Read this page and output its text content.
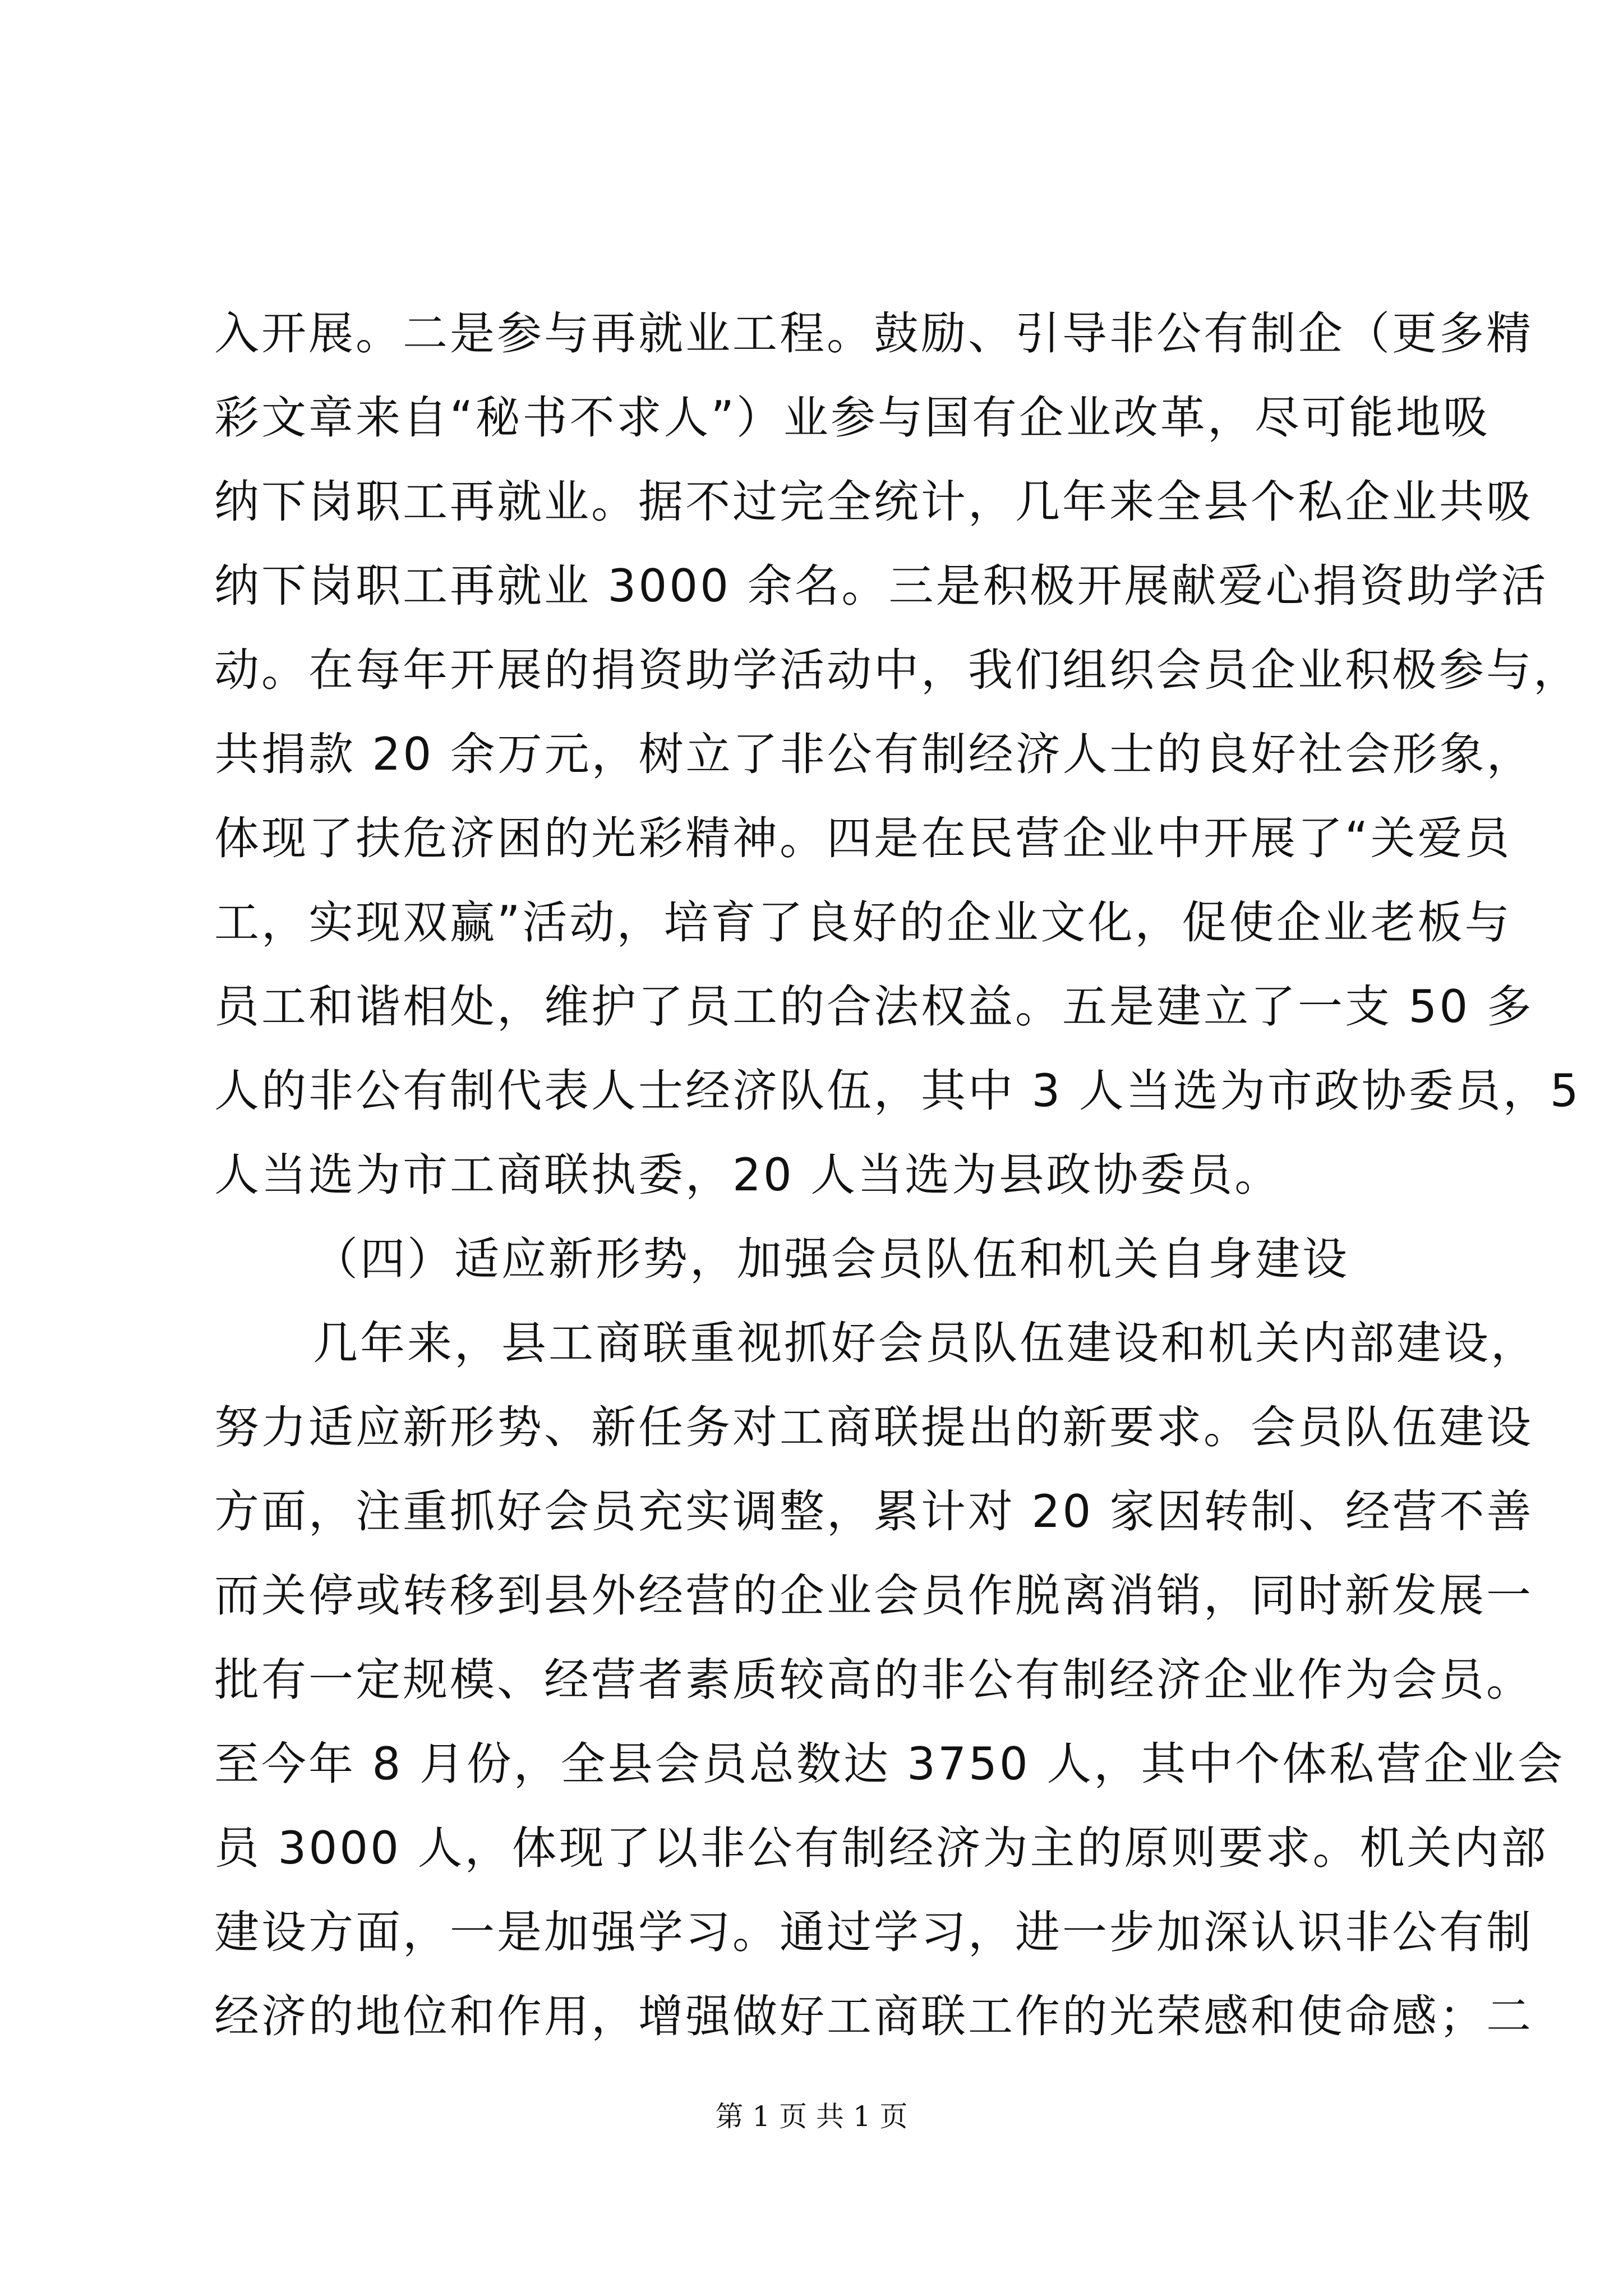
入开展。二是参与再就业工程。鼓励、引导非公有制企（更多精
彩文章来自“秘书不求人”）业参与国有企业改革，尽可能地吸
纳下岗职工再就业。据不过完全统计，几年来全县个私企业共吸
纳下岗职工再就业 3000 余名。三是积极开展献爱心捐资助学活
动。在每年开展的捐资助学活动中，我们组织会员企业积极参与，
共捐款 20 余万元，树立了非公有制经济人士的良好社会形象，
体现了扶危济困的光彩精神。四是在民营企业中开展了“关爱员
工，实现双赢”活动，培育了良好的企业文化，促使企业老板与
员工和谐相处，维护了员工的合法权益。五是建立了一支 50 多
人的非公有制代表人士经济队伍，其中 3 人当选为市政协委员，5
人当选为市工商联执委，20 人当选为县政协委员。
（四）适应新形势，加强会员队伍和机关自身建设
几年来，县工商联重视抓好会员队伍建设和机关内部建设，
努力适应新形势、新任务对工商联提出的新要求。会员队伍建设
方面，注重抓好会员充实调整，累计对 20 家因转制、经营不善
而关停或转移到县外经营的企业会员作脱离消销，同时新发展一
批有一定规模、经营者素质较高的非公有制经济企业作为会员。
至今年 8 月份，全县会员总数达 3750 人，其中个体私营企业会
员 3000 人，体现了以非公有制经济为主的原则要求。机关内部
建设方面，一是加强学习。通过学习，进一步加深认识非公有制
经济的地位和作用，增强做好工商联工作的光荣感和使命感；二
第 1 页 共 1 页
